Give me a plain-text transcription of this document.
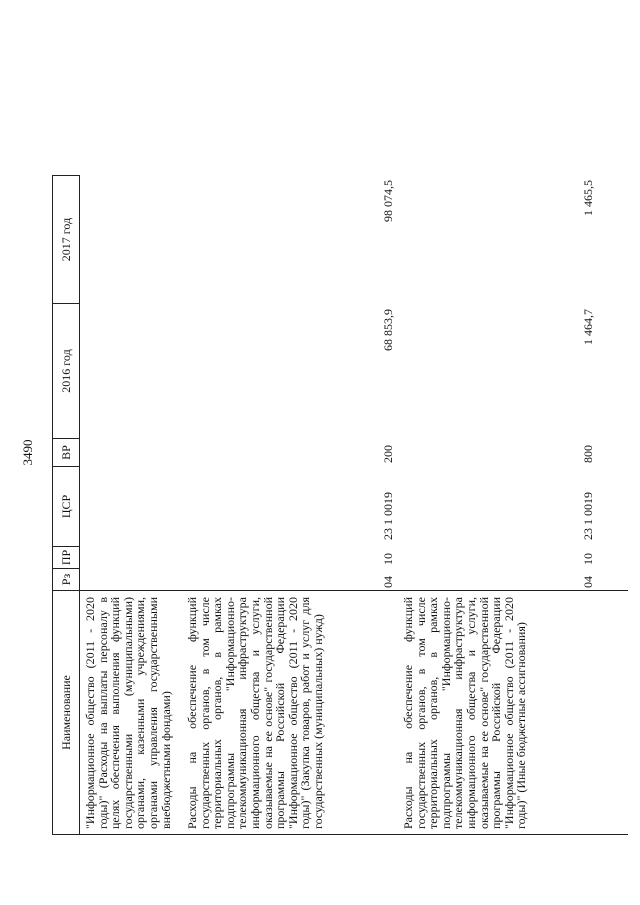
3490
Наименование
Рз
ПР
ЦСР
ВР
2016 год
2017 год
"Информационное общество (2011 - 2020 годы)" (Расходы на выплаты персоналу в целях обеспечения выполнения функций государственными (муниципальными) органами, казенными учреждениями, органами управления государственными внебюджетными фондами) Расходы на обеспечение функций государственных органов, в том числе территориальных органов, в рамках подпрограммы "Информационно-телекоммуникационная инфраструктура информационного общества и услуги, оказываемые на ее основе" государственной программы Российской Федерации "Информационное общество (2011 - 2020 годы)" (Закупка товаров, работ и услуг для государственных (муниципальных) нужд)
04
10
23 1 0019
200
68 853,9
98 074,5
Расходы на обеспечение функций государственных органов, в том числе территориальных органов, в рамках подпрограммы "Информационно-телекоммуникационная инфраструктура информационного общества и услуги, оказываемые на ее основе" государственной программы Российской Федерации "Информационное общество (2011 - 2020 годы)" (Иные бюджетные ассигнования)
04
10
23 1 0019
800
1 464,7
1 465,5
